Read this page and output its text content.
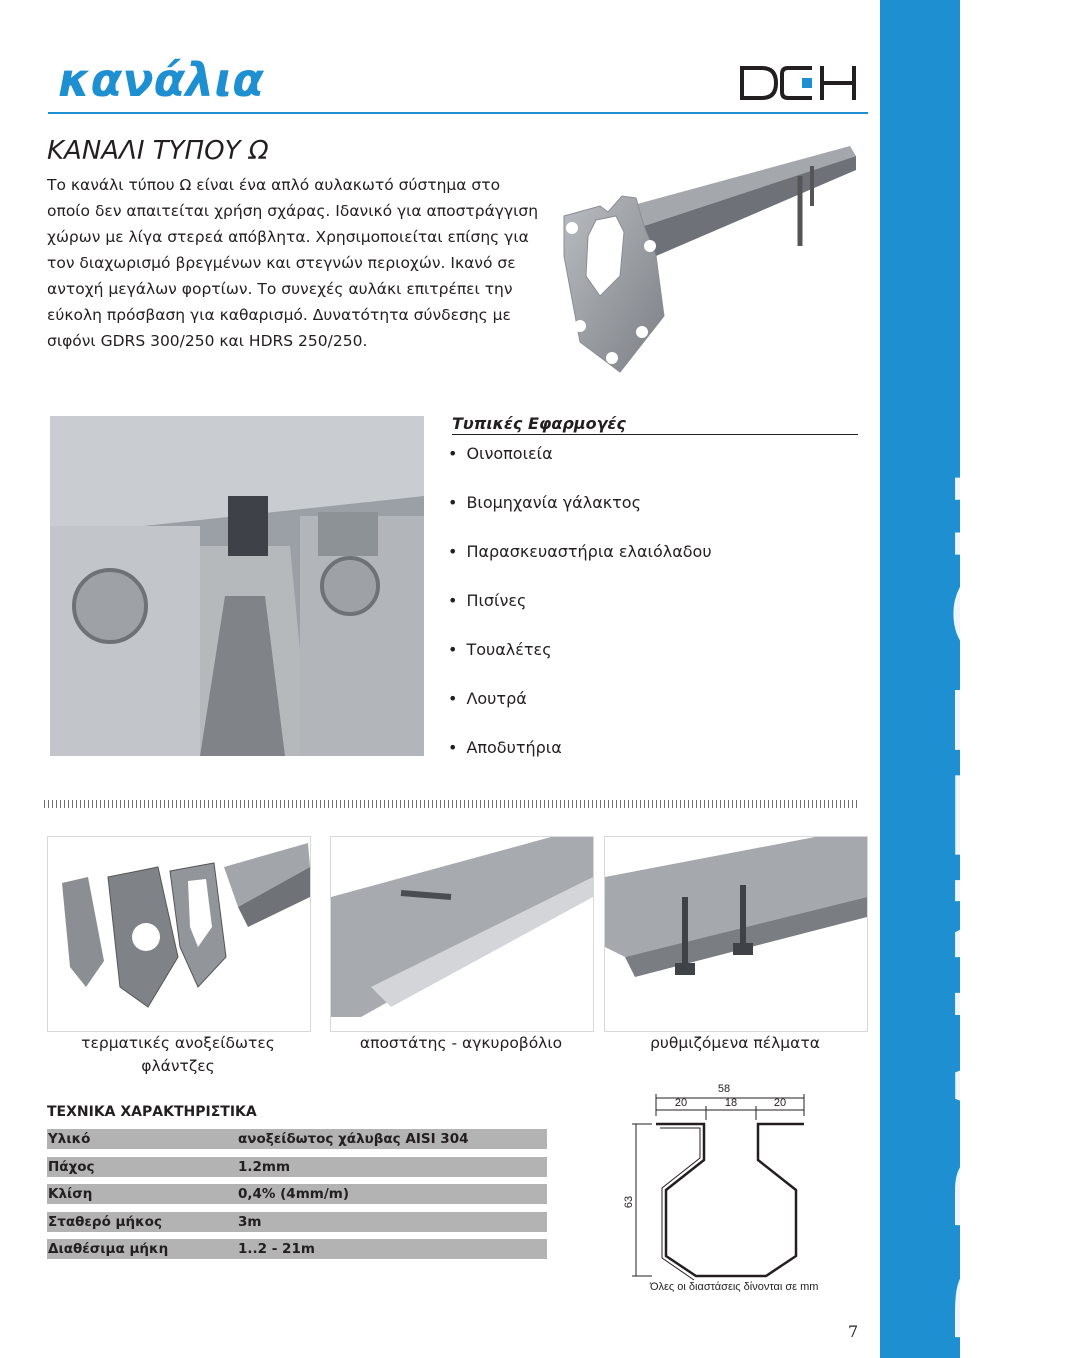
DRAINTECH
κανάλια	DCH
ΚΑΝΑΛΙ ΤΥΠΟΥ Ω

Το κανάλι τύπου Ω είναι ένα απλό αυλακωτό σύστημα στο οποίο δεν απαιτείται χρήση σχάρας. Ιδανικό για αποστράγγιση χώρων με λίγα στερεά απόβλητα. Χρησιμοποιείται επίσης για τον διαχωρισμό βρεγμένων και στεγνών περιοχών. Ικανό σε αντοχή μεγάλων φορτίων. Το συνεχές αυλάκι επιτρέπει την εύκολη πρόσβαση για καθαρισμό. Δυνατότητα σύνδεσης με σιφόνι GDRS 300/250 και HDRS 250/250.

Τυπικές Εφαρμογές
• Οινοποιεία
• Βιομηχανία γάλακτος
• Παρασκευαστήρια ελαιόλαδου
• Πισίνες
• Τουαλέτες
• Λουτρά
• Αποδυτήρια
τερματικές ανοξείδωτες φλάντζες
αποστάτης - αγκυροβόλιο	ρυθμιζόμενα πέλματα
ΤΕΧΝΙΚΑ ΧΑΡΑΚΤΗΡΙΣΤΙΚΑ
Υλικό	ανοξείδωτος χάλυβας AISI 304
Πάχος	1.2mm
Κλίση	0,4% (4mm/m)
Σταθερό μήκος	3m
Διαθέσιμα μήκη	1..2 - 21m
58
20	18	20
63
Όλες οι διαστάσεις δίνονται σε mm
7
